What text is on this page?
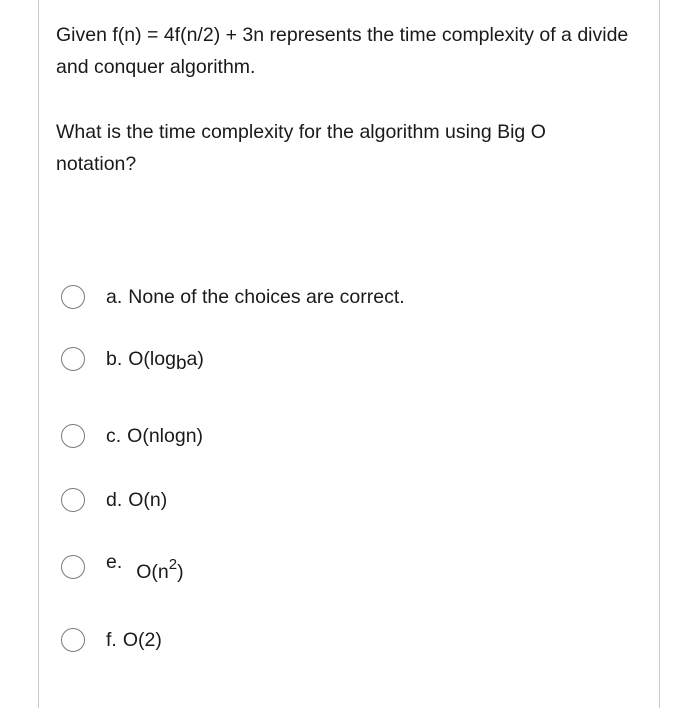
Given f(n) = 4f(n/2) + 3n represents the time complexity of a divide and conquer algorithm.
What is the time complexity for the algorithm using Big O notation?
a. None of the choices are correct.
b. O(log b a)
c. O(nlogn)
d. O(n)
e. $O(n^2)$
f. O(2)
